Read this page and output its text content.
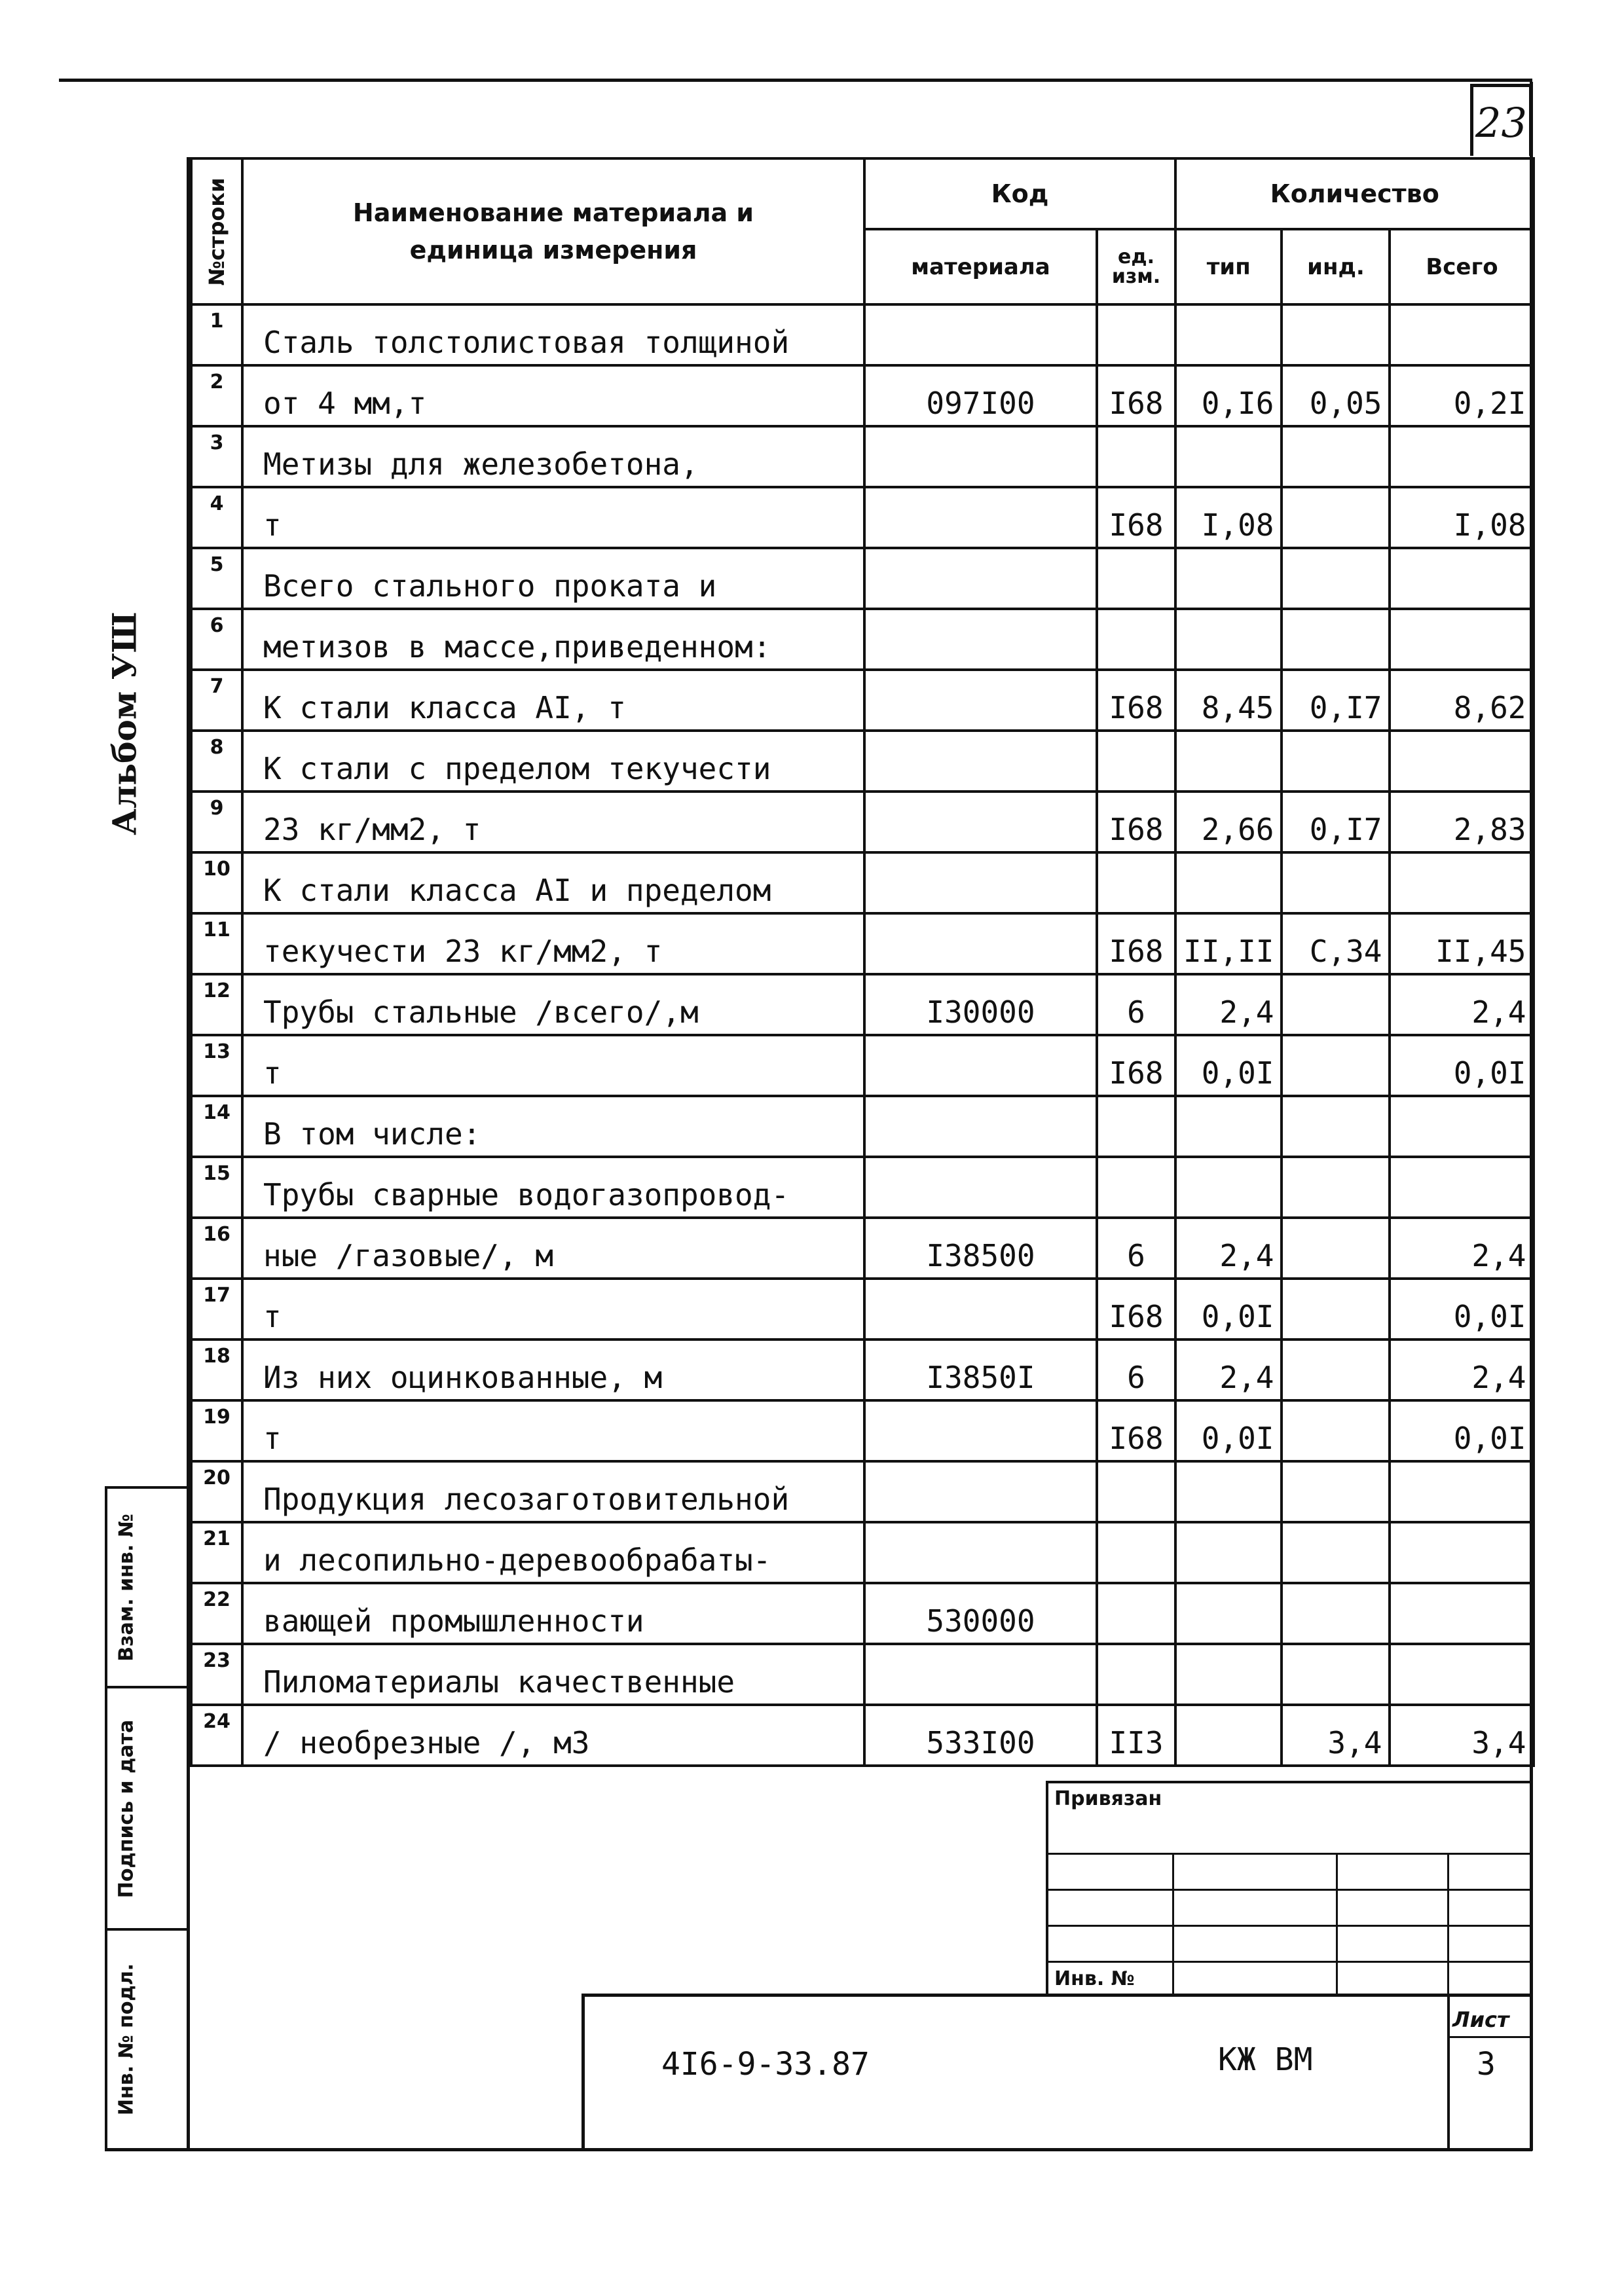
23
Альбом УШ
№строки	Наименование материала и единица измерения	Код		Количество		
		материала	ед. изм.	тип	инд.	Всего
1	Сталь толстолистовая толщиной					
2	от 4 мм,т	097I00	I68	0,I6	0,05	0,2I
3	Метизы для железобетона,					
4	т		I68	I,08		I,08
5	Всего стального проката и					
6	метизов в массе,приведенном:					
7	К стали класса AI, т		I68	8,45	0,I7	8,62
8	К стали с пределом текучести					
9	23 кг/мм2, т		I68	2,66	0,I7	2,83
10	К стали класса AI и пределом					
11	текучести 23 кг/мм2, т		I68	II,II	C,34	II,45
12	Трубы стальные /всего/,м	I30000	6	2,4		2,4
13	т		I68	0,0I		0,0I
14	В том числе:					
15	Трубы сварные водогазопровод-					
16	ные /газовые/, м	I38500	6	2,4		2,4
17	т		I68	0,0I		0,0I
18	Из них оцинкованные, м	I3850I	6	2,4		2,4
19	т		I68	0,0I		0,0I
20	Продукция лесозаготовительной					
21	и лесопильно-деревообрабаты-					
22	вающей промышленности	530000				
23	Пиломатериалы качественные					
24	/ необрезные /, м3	533I00	II3		3,4	3,4
Взам. инв. №
Подпись и дата
Инв. № подл.
Привязан
Инв. №
Лист
4I6-9-33.87	КЖ ВМ	3
